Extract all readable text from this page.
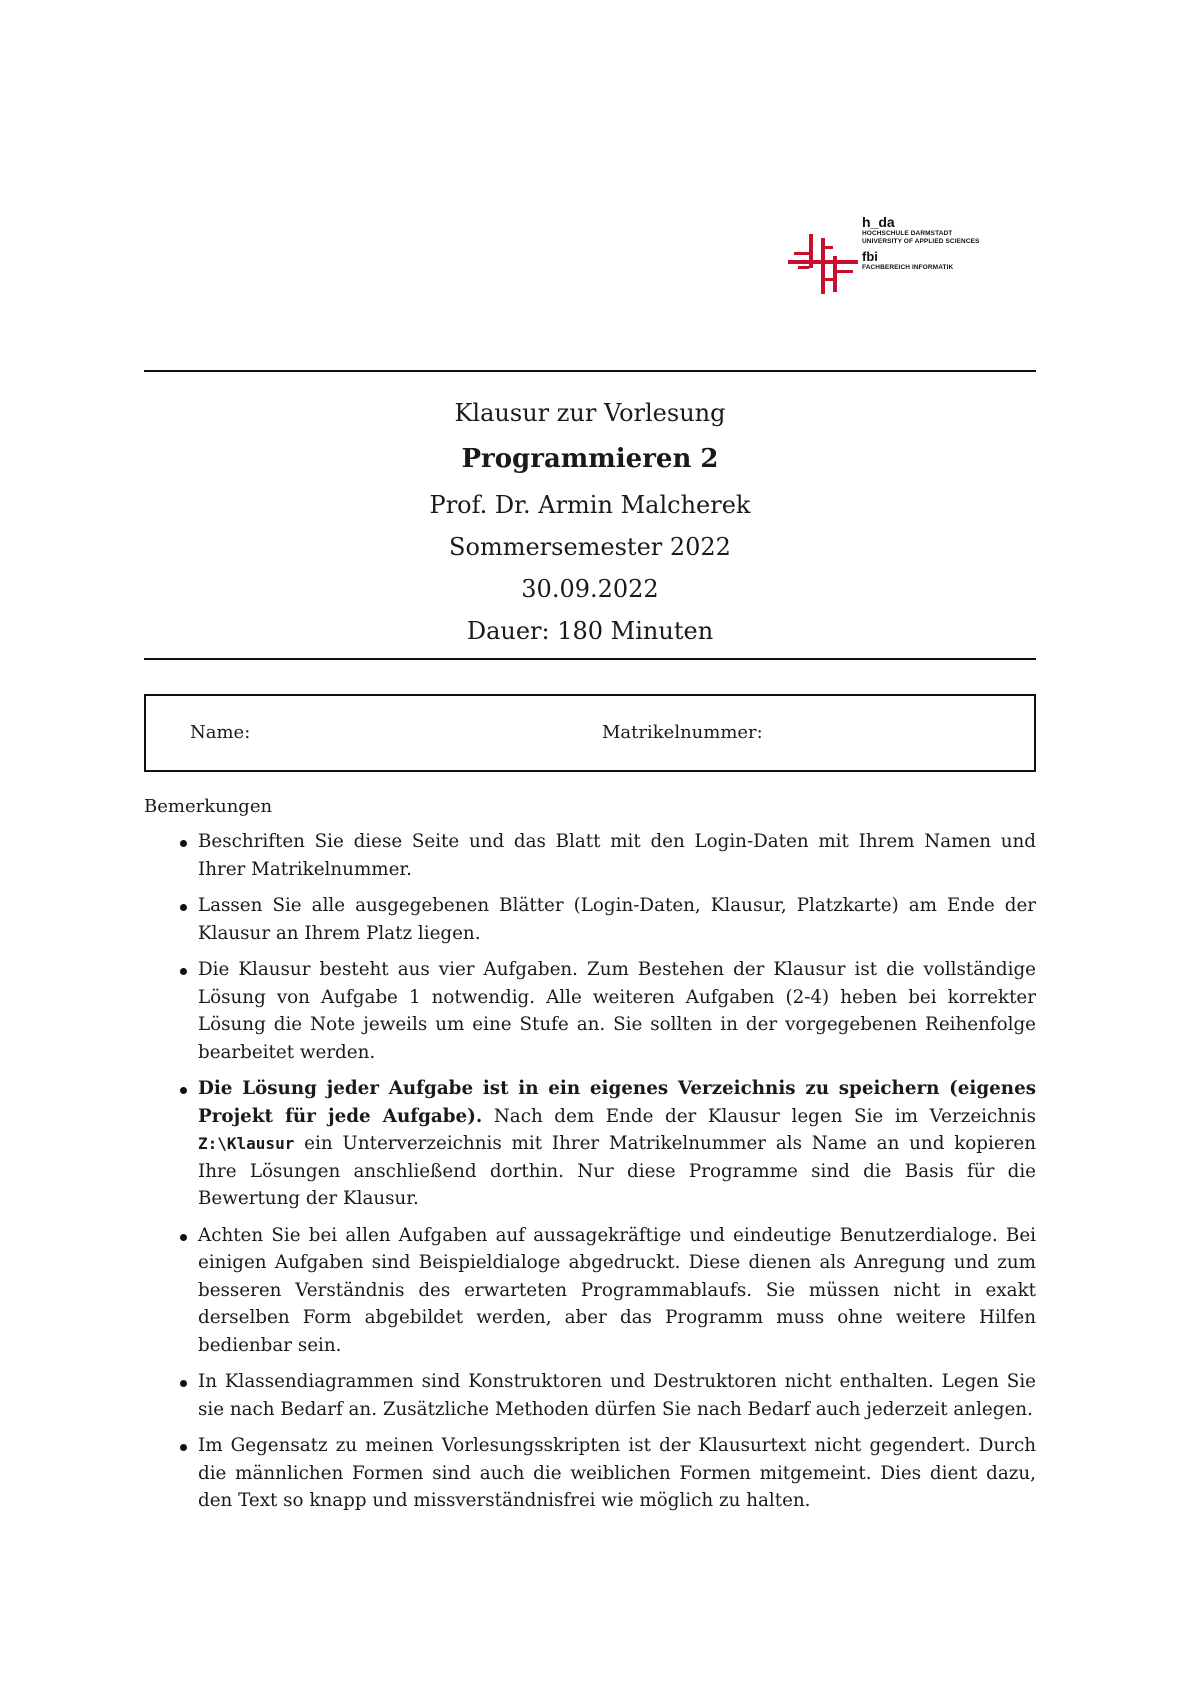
h_da
HOCHSCHULE DARMSTADT
UNIVERSITY OF APPLIED SCIENCES
fbi
FACHBEREICH INFORMATIK
Klausur zur Vorlesung
Programmieren 2
Prof. Dr. Armin Malcherek
Sommersemester 2022
30.09.2022
Dauer: 180 Minuten
Name:	Matrikelnummer:
Bemerkungen
Beschriften Sie diese Seite und das Blatt mit den Login-Daten mit Ihrem Namen und Ihrer Matrikelnummer.
Lassen Sie alle ausgegebenen Blätter (Login-Daten, Klausur, Platzkarte) am Ende der Klausur an Ihrem Platz liegen.
Die Klausur besteht aus vier Aufgaben. Zum Bestehen der Klausur ist die vollständige Lösung von Aufgabe 1 notwendig. Alle weiteren Aufgaben (2-4) heben bei korrekter Lösung die Note jeweils um eine Stufe an. Sie sollten in der vorgegebenen Reihenfolge bearbeitet werden.
Die Lösung jeder Aufgabe ist in ein eigenes Verzeichnis zu speichern (eigenes Projekt für jede Aufgabe). Nach dem Ende der Klausur legen Sie im Verzeichnis Z:\Klausur ein Unterverzeichnis mit Ihrer Matrikelnummer als Name an und kopieren Ihre Lösungen anschließend dorthin. Nur diese Programme sind die Basis für die Bewertung der Klausur.
Achten Sie bei allen Aufgaben auf aussagekräftige und eindeutige Benutzerdialoge. Bei einigen Aufgaben sind Beispieldialoge abgedruckt. Diese dienen als Anregung und zum besseren Verständnis des erwarteten Programmablaufs. Sie müssen nicht in exakt derselben Form abgebildet werden, aber das Programm muss ohne weitere Hilfen bedienbar sein.
In Klassendiagrammen sind Konstruktoren und Destruktoren nicht enthalten. Legen Sie sie nach Bedarf an. Zusätzliche Methoden dürfen Sie nach Bedarf auch jederzeit anlegen.
Im Gegensatz zu meinen Vorlesungsskripten ist der Klausurtext nicht gegendert. Durch die männlichen Formen sind auch die weiblichen Formen mitgemeint. Dies dient dazu, den Text so knapp und missverständnisfrei wie möglich zu halten.
